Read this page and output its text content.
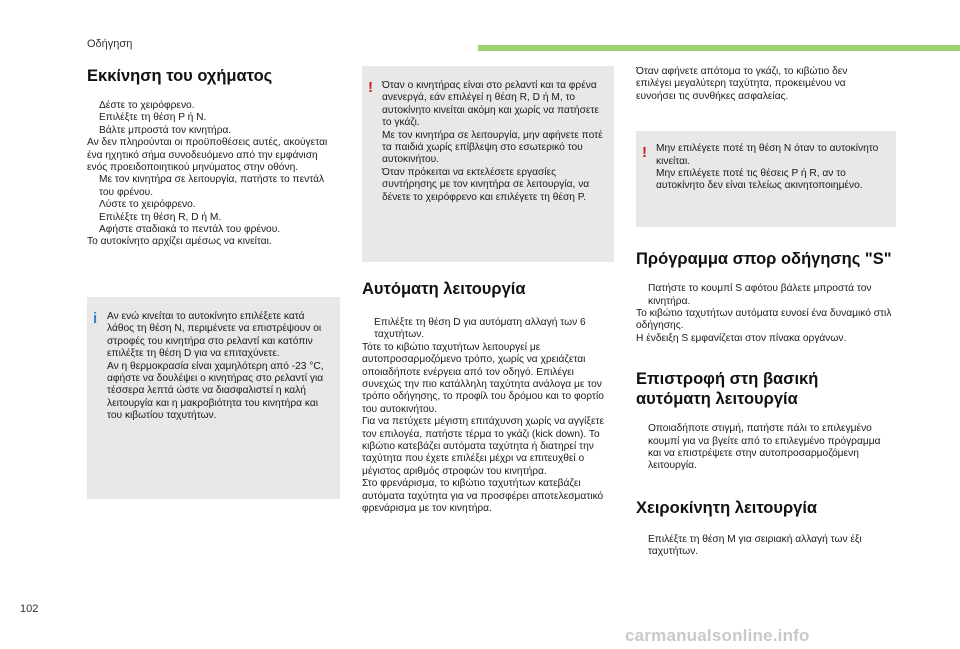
Οδήγηση
Εκκίνηση του οχήματος

Δέστε το χειρόφρενο.

Επιλέξτε τη θέση P ή N.

Βάλτε μπροστά τον κινητήρα.

Αν δεν πληρούνται οι προϋποθέσεις αυτές, ακούγεται ένα ηχητικό σήμα συνοδευόμενο από την εμφάνιση ενός προειδοποιητικού μηνύματος στην οθόνη.

Με τον κινητήρα σε λειτουργία, πατήστε το πεντάλ του φρένου.

Λύστε το χειρόφρενο.

Επιλέξτε τη θέση R, D ή M.

Αφήστε σταδιακά το πεντάλ του φρένου.

Το αυτοκίνητο αρχίζει αμέσως να κινείται.

i Αν ενώ κινείται το αυτοκίνητο επιλέξετε κατά λάθος τη θέση N, περιμένετε να επιστρέψουν οι στροφές του κινητήρα στο ρελαντί και κατόπιν επιλέξτε τη θέση D για να επιταχύνετε.

Αν η θερμοκρασία είναι χαμηλότερη από -23 °C, αφήστε να δουλέψει ο κινητήρας στο ρελαντί για τέσσερα λεπτά ώστε να διασφαλιστεί η καλή λειτουργία και η μακροβιότητα του κινητήρα και του κιβωτίου ταχυτήτων.

! Όταν ο κινητήρας είναι στο ρελαντί και τα φρένα ανενεργά, εάν επιλέγεί η θέση R, D ή M, το αυτοκίνητο κινείται ακόμη και χωρίς να πατήσετε το γκάζι.

Με τον κινητήρα σε λειτουργία, μην αφήνετε ποτέ τα παιδιά χωρίς επίβλεψη στο εσωτερικό του αυτοκινήτου.

Όταν πρόκειται να εκτελέσετε εργασίες συντήρησης με τον κινητήρα σε λειτουργία, να δένετε το χειρόφρενο και επιλέγετε τη θέση P.

Αυτόματη λειτουργία

Επιλέξτε τη θέση D για αυτόματη αλλαγή των 6 ταχυτήτων.

Τότε το κιβώτιο ταχυτήτων λειτουργεί με αυτοπροσαρμοζόμενο τρόπο, χωρίς να χρειάζεται οποιαδήποτε ενέργεια από τον οδηγό. Επιλέγει συνεχώς την πιο κατάλληλη ταχύτητα ανάλογα με τον τρόπο οδήγησης, το προφίλ του δρόμου και το φορτίο του αυτοκινήτου.

Για να πετύχετε μέγιστη επιτάχυνση χωρίς να αγγίξετε τον επιλογέα, πατήστε τέρμα το γκάζι (kick down). Το κιβώτιο κατεβάζει αυτόματα ταχύτητα ή διατηρεί την ταχύτητα που έχετε επιλέξει μέχρι να επιτευχθεί ο μέγιστος αριθμός στροφών του κινητήρα.

Στο φρενάρισμα, το κιβώτιο ταχυτήτων κατεβάζει αυτόματα ταχύτητα για να προσφέρει αποτελεσματικό φρενάρισμα με τον κινητήρα.

Όταν αφήνετε απότομα το γκάζι, το κιβώτιο δεν επιλέγει μεγαλύτερη ταχύτητα, προκειμένου να ευνοήσει τις συνθήκες ασφαλείας.

! Μην επιλέγετε ποτέ τη θέση N όταν το αυτοκίνητο κινείται.

Μην επιλέγετε ποτέ τις θέσεις P ή R, αν το αυτοκίνητο δεν είναι τελείως ακινητοποιημένο.

Πρόγραμμα σπορ οδήγησης "S"

Πατήστε το κουμπί S αφότου βάλετε μπροστά τον κινητήρα.

Το κιβώτιο ταχυτήτων αυτόματα ευνοεί ένα δυναμικό στιλ οδήγησης.

Η ένδειξη S εμφανίζεται στον πίνακα οργάνων.

Επιστροφή στη βασική αυτόματη λειτουργία

Οποιαδήποτε στιγμή, πατήστε πάλι το επιλεγμένο κουμπί για να βγείτε από το επιλεγμένο πρόγραμμα και να επιστρέψετε στην αυτοπροσαρμοζόμενη λειτουργία.

Χειροκίνητη λειτουργία

Επιλέξτε τη θέση M για σειριακή αλλαγή των έξι ταχυτήτων.

102
carmanualsonline.info
